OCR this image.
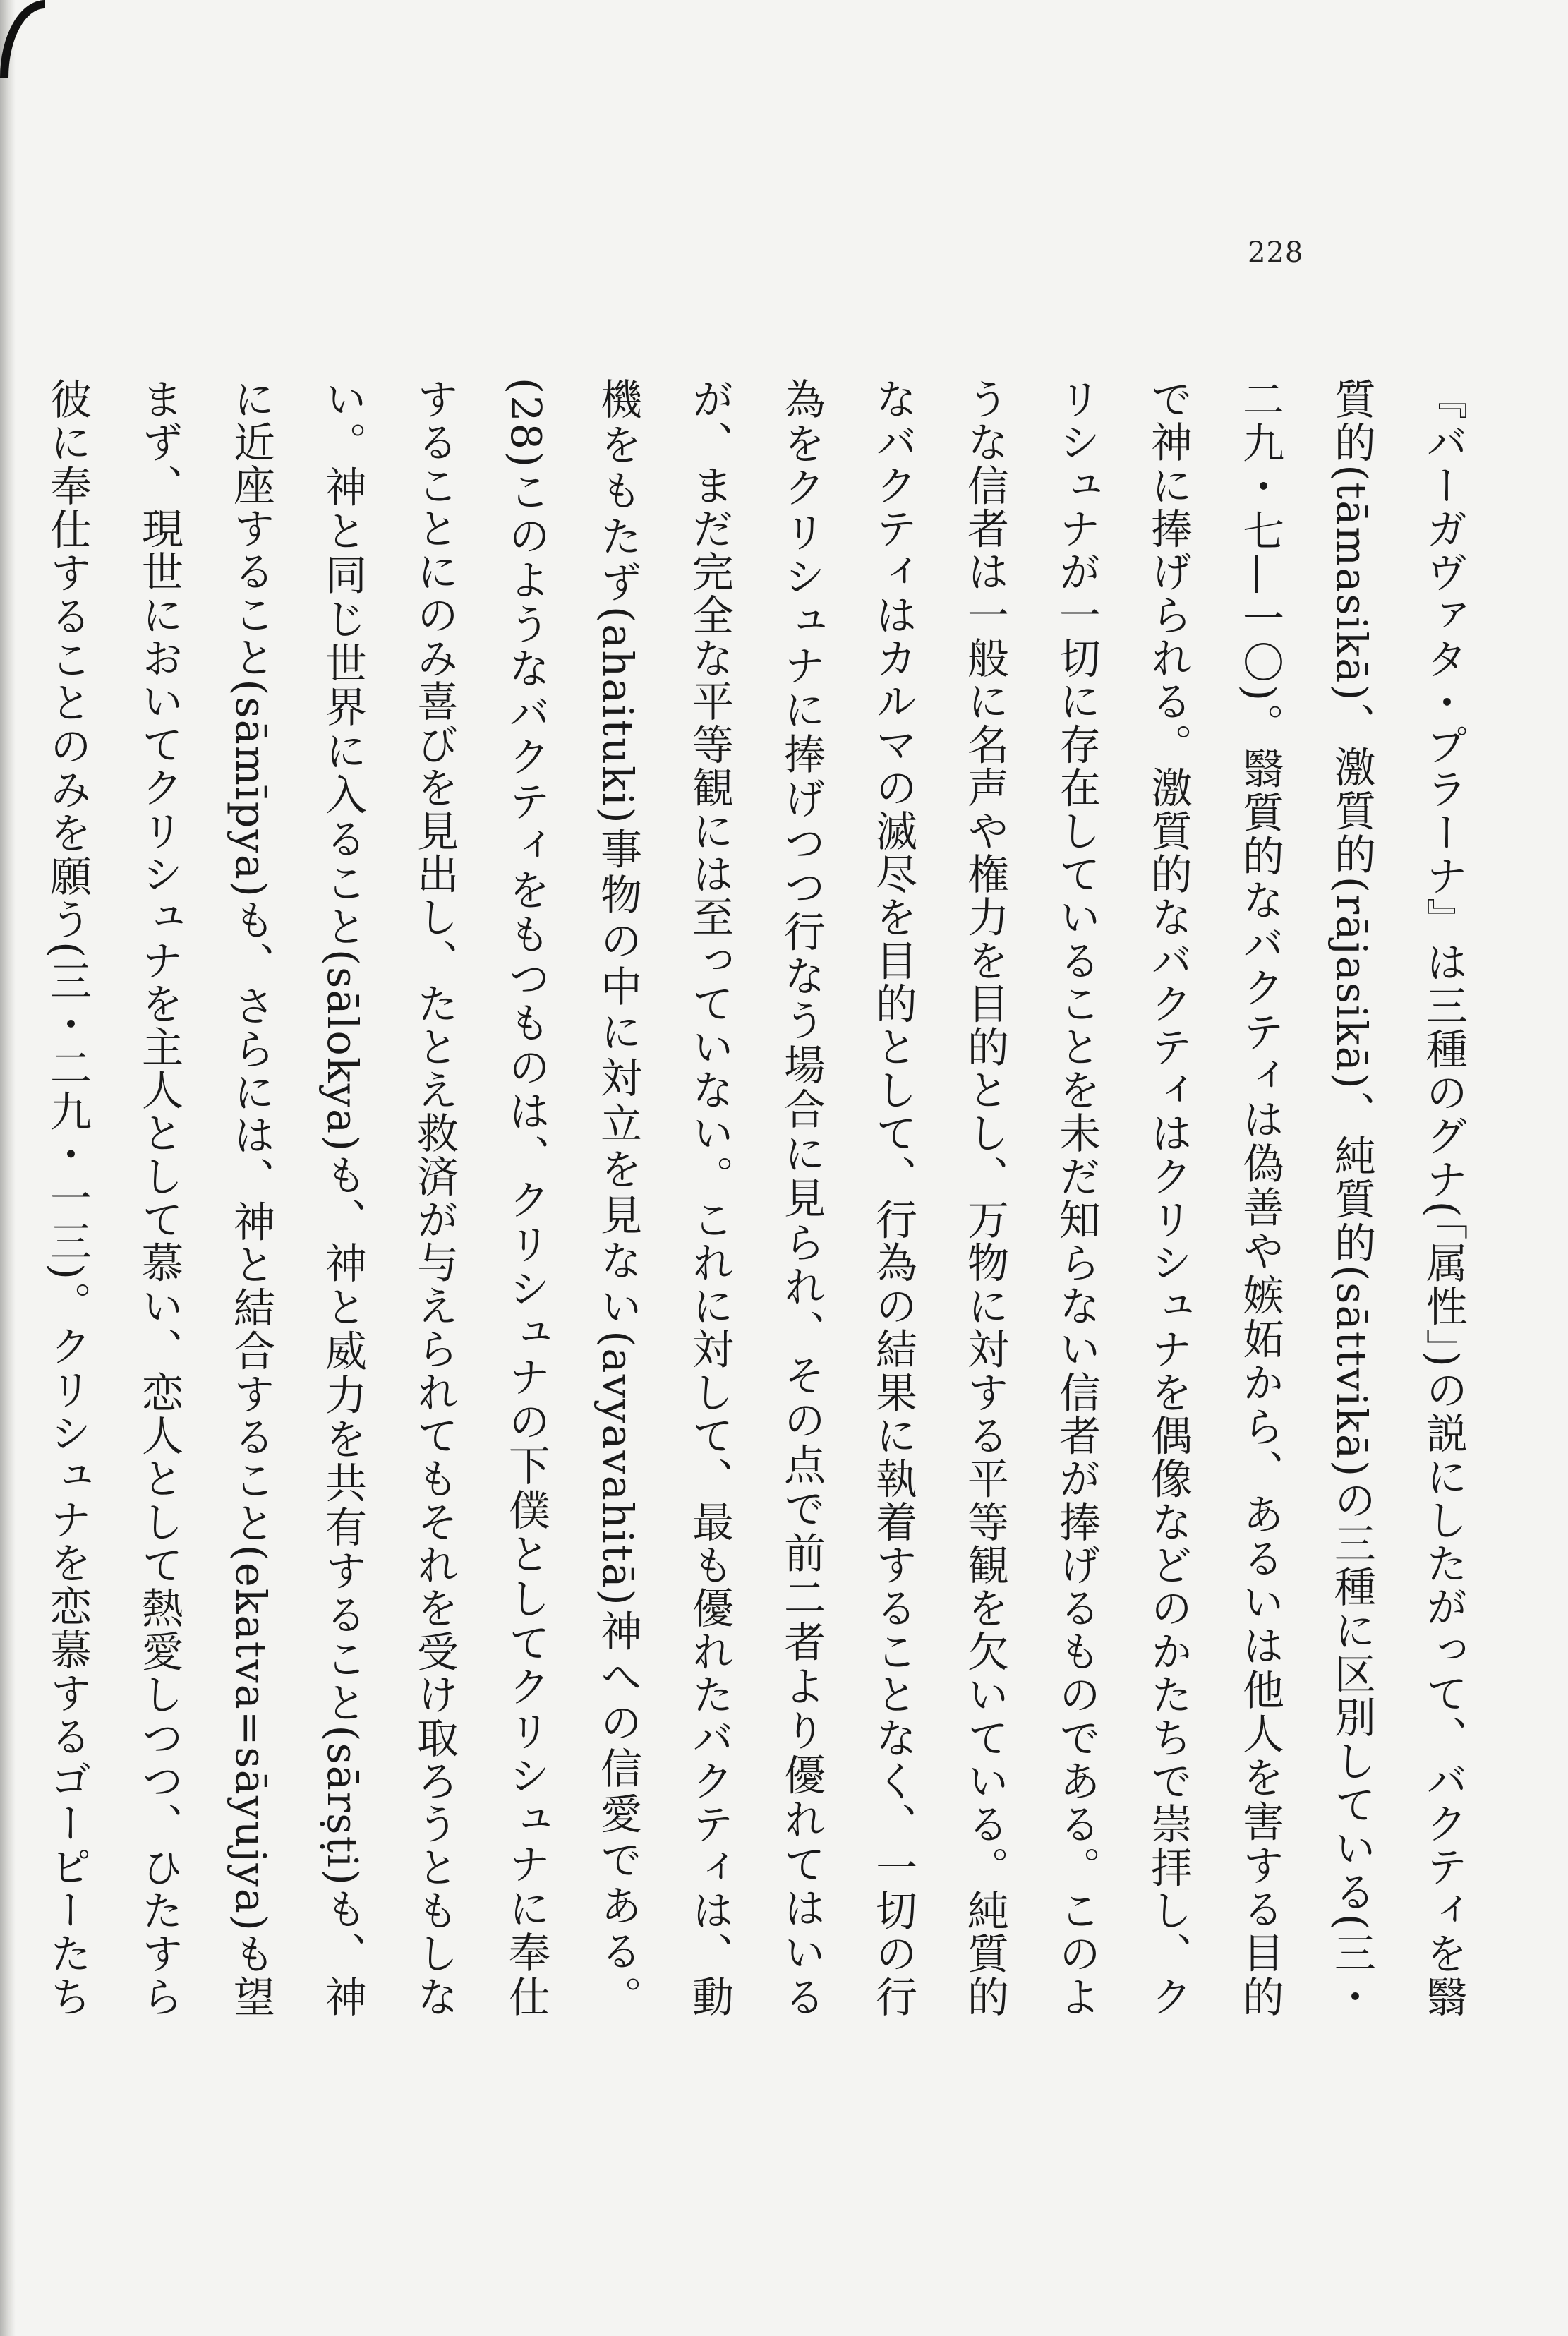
228

『バーガヴァタ・プラーナ』は三種のグナ(「属性」)の説にしたがって、バクティを翳質的(tāmasikā)、激質的(rājasikā)、純質的(sāttvikā)の三種に区別している(三・二九・七—一〇)。翳質的なバクティは偽善や嫉妬から、あるいは他人を害する目的で神に捧げられる。激質的なバクティはクリシュナを偶像などのかたちで崇拝し、クリシュナが一切に存在していることを未だ知らない信者が捧げるものである。このような信者は一般に名声や権力を目的とし、万物に対する平等観を欠いている。純質的なバクティはカルマの滅尽を目的として、行為の結果に執着することなく、一切の行為をクリシュナに捧げつつ行なう場合に見られ、その点で前二者より優れてはいるが、まだ完全な平等観には至っていない。これに対して、最も優れたバクティは、動機をもたず(ahaituki)事物の中に対立を見ない(avyavahitā)神への信愛である。(28)このようなバクティをもつものは、クリシュナの下僕としてクリシュナに奉仕することにのみ喜びを見出し、たとえ救済が与えられてもそれを受け取ろうともしない。神と同じ世界に入ること(sālokya)も、神と威力を共有すること(sārṣṭi)も、神に近座すること(sāmīpya)も、さらには、神と結合すること(ekatva=sāyujya)も望まず、現世においてクリシュナを主人として慕い、恋人として熱愛しつつ、ひたすら彼に奉仕することのみを願う(三・二九・一三)。クリシュナを恋慕するゴーピーたち
